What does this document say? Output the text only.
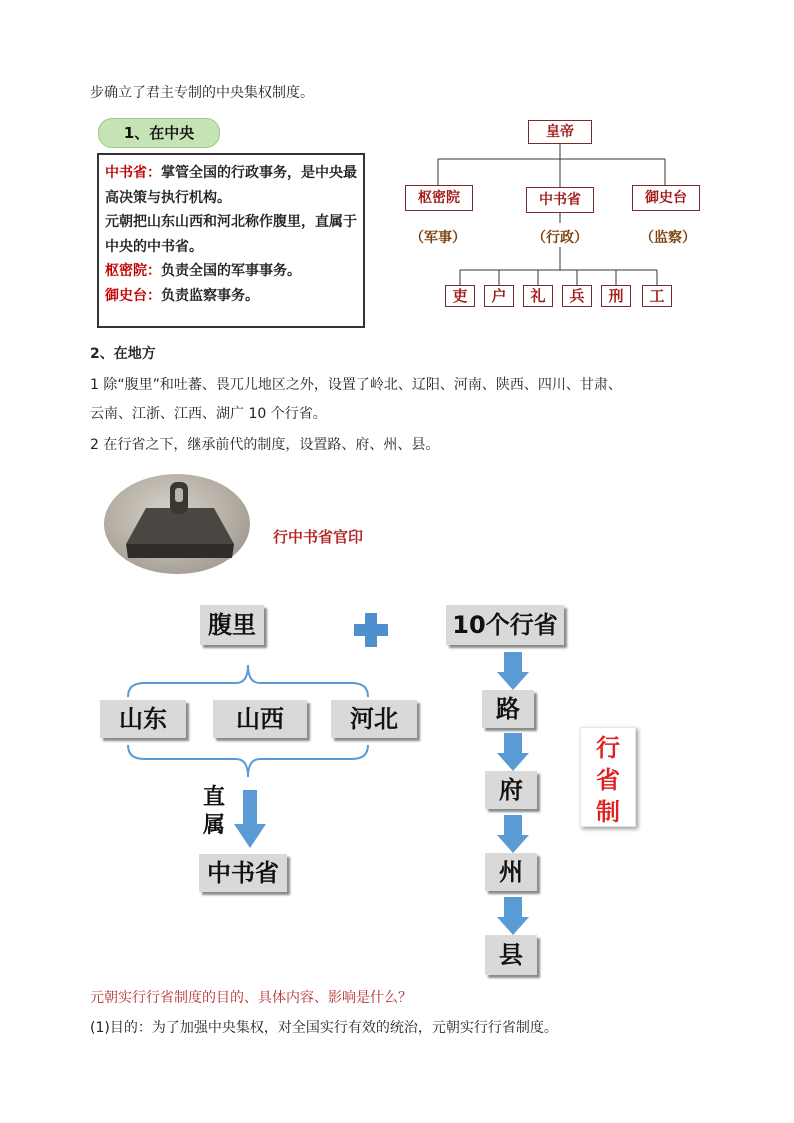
步确立了君主专制的中央集权制度。
1、在中央

中书省：掌管全国的行政事务，是中央最高决策与执行机构。

元朝把山东山西和河北称作腹里，直属于中央的中书省。

枢密院：负责全国的军事事务。

御史台：负责监察事务。

皇帝
枢密院	中书省	御史台
（军事）	（行政）	（监察）
吏	户	礼	兵	刑	工
2、在地方
1 除“腹里”和吐蕃、畏兀儿地区之外，设置了岭北、辽阳、河南、陕西、四川、甘肃、
云南、江浙、江西、湖广 10 个行省。
2 在行省之下，继承前代的制度，设置路、府、州、县。
行中书省官印
腹里	10个行省
山东	山西	河北
直
属
中书省
路
府
州
县
行
省
制
元朝实行行省制度的目的、具体内容、影响是什么？
(1)目的：为了加强中央集权，对全国实行有效的统治，元朝实行行省制度。
